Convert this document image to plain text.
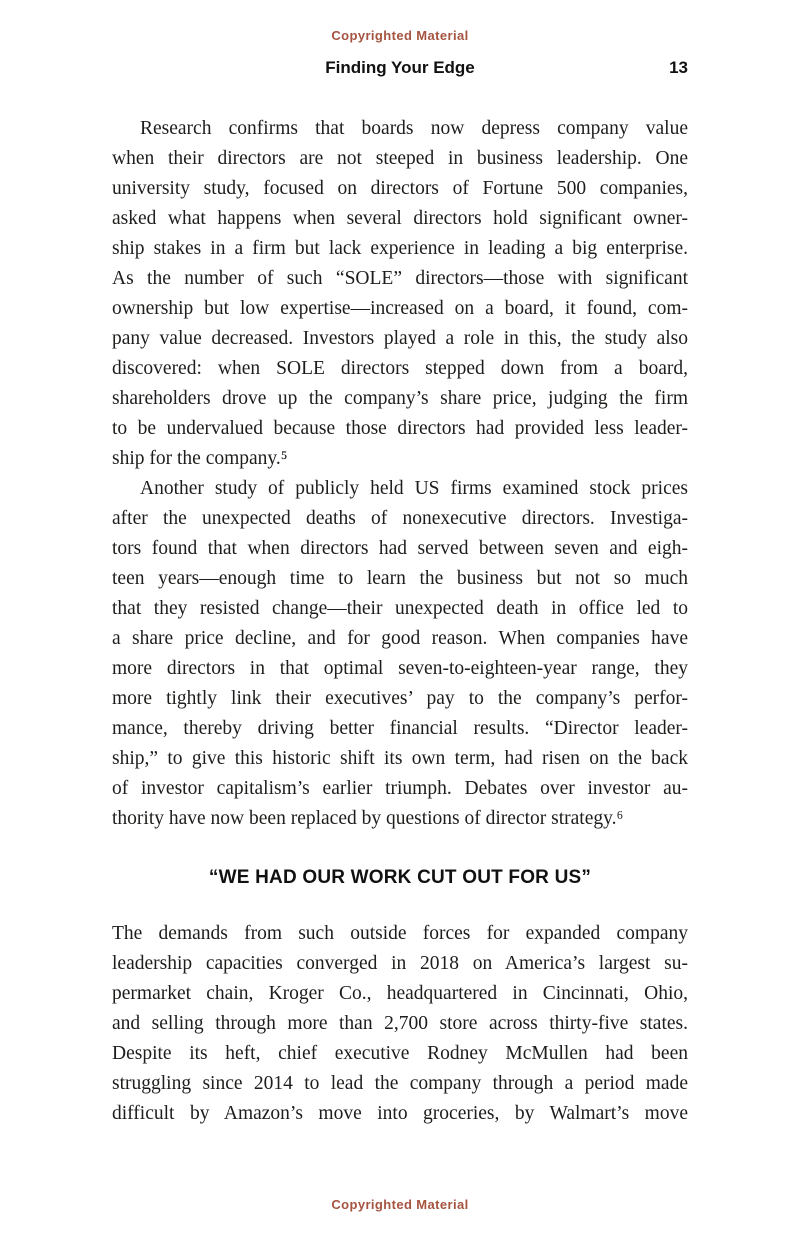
Copyrighted Material
Finding Your Edge	13
Research confirms that boards now depress company value
when their directors are not steeped in business leadership. One
university study, focused on directors of Fortune 500 companies,
asked what happens when several directors hold significant owner-
ship stakes in a firm but lack experience in leading a big enterprise.
As the number of such “SOLE” directors—those with significant
ownership but low expertise—increased on a board, it found, com-
pany value decreased. Investors played a role in this, the study also
discovered: when SOLE directors stepped down from a board,
shareholders drove up the company’s share price, judging the firm
to be undervalued because those directors had provided less leader-
ship for the company.⁵
Another study of publicly held US firms examined stock prices
after the unexpected deaths of nonexecutive directors. Investiga-
tors found that when directors had served between seven and eigh-
teen years—enough time to learn the business but not so much
that they resisted change—their unexpected death in office led to
a share price decline, and for good reason. When companies have
more directors in that optimal seven-to-eighteen-year range, they
more tightly link their executives’ pay to the company’s perfor-
mance, thereby driving better financial results. “Director leader-
ship,” to give this historic shift its own term, had risen on the back
of investor capitalism’s earlier triumph. Debates over investor au-
thority have now been replaced by questions of director strategy.⁶
“WE HAD OUR WORK CUT OUT FOR US”
The demands from such outside forces for expanded company
leadership capacities converged in 2018 on America’s largest su-
permarket chain, Kroger Co., headquartered in Cincinnati, Ohio,
and selling through more than 2,700 store across thirty-five states.
Despite its heft, chief executive Rodney McMullen had been
struggling since 2014 to lead the company through a period made
difficult by Amazon’s move into groceries, by Walmart’s move
Copyrighted Material
